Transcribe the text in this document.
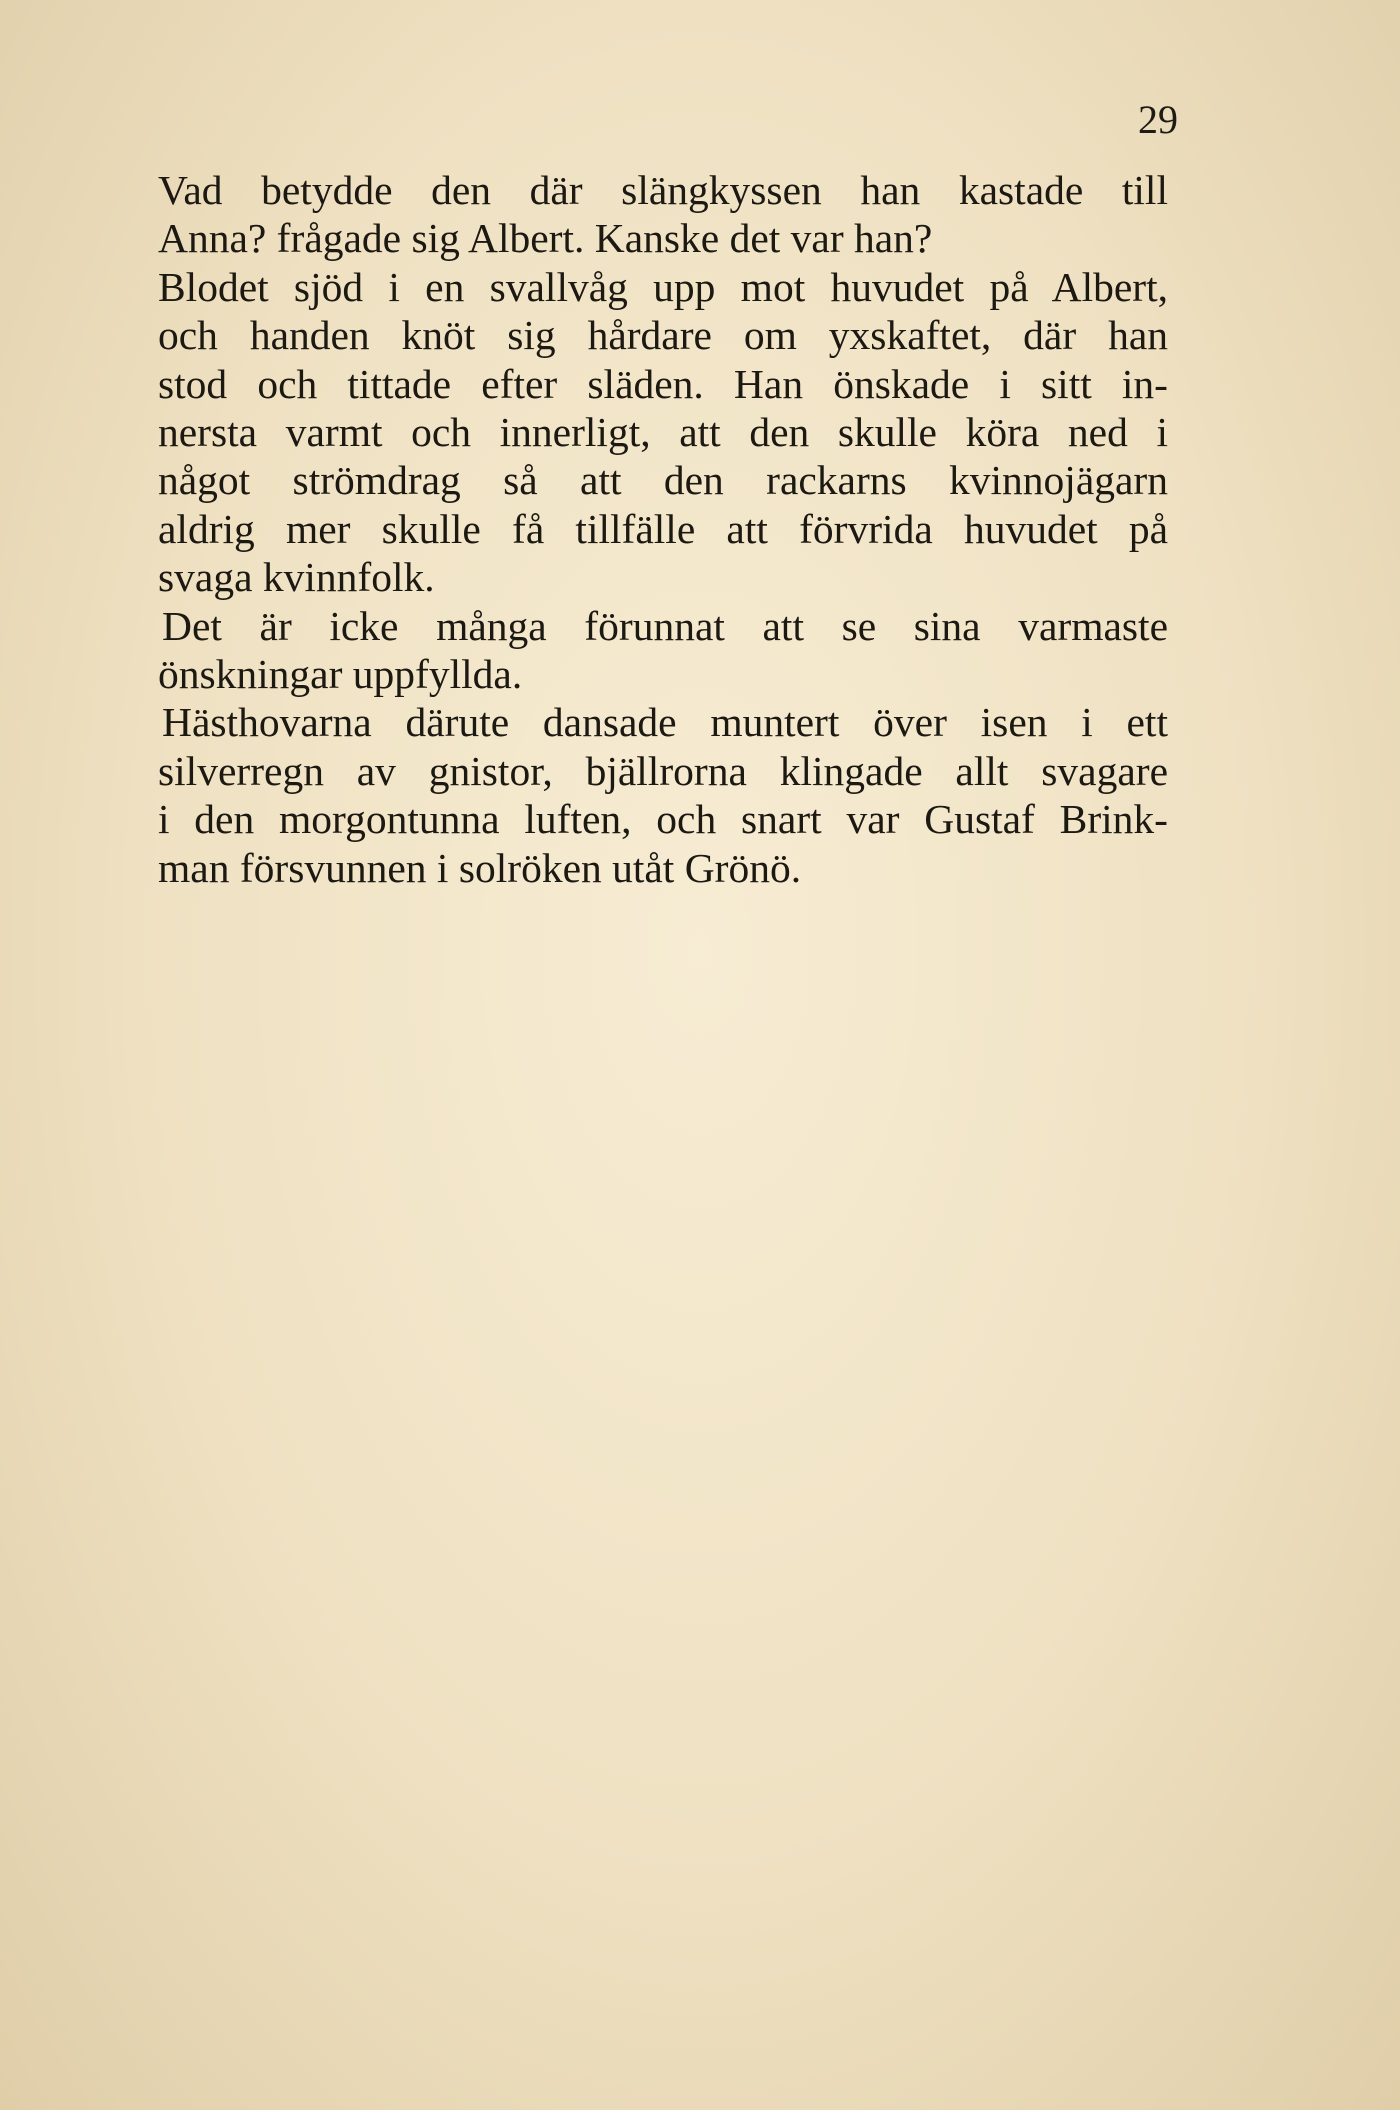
29
Vad betydde den där slängkyssen han kastade till
Anna? frågade sig Albert. Kanske det var han?
Blodet sjöd i en svallvåg upp mot huvudet på Albert,
och handen knöt sig hårdare om yxskaftet, där han
stod och tittade efter släden. Han önskade i sitt in-
nersta varmt och innerligt, att den skulle köra ned i
något strömdrag så att den rackarns kvinnojägarn
aldrig mer skulle få tillfälle att förvrida huvudet på
svaga kvinnfolk.
Det är icke många förunnat att se sina varmaste
önskningar uppfyllda.
Hästhovarna därute dansade muntert över isen i ett
silverregn av gnistor, bjällrorna klingade allt svagare
i den morgontunna luften, och snart var Gustaf Brink-
man försvunnen i solröken utåt Grönö.
